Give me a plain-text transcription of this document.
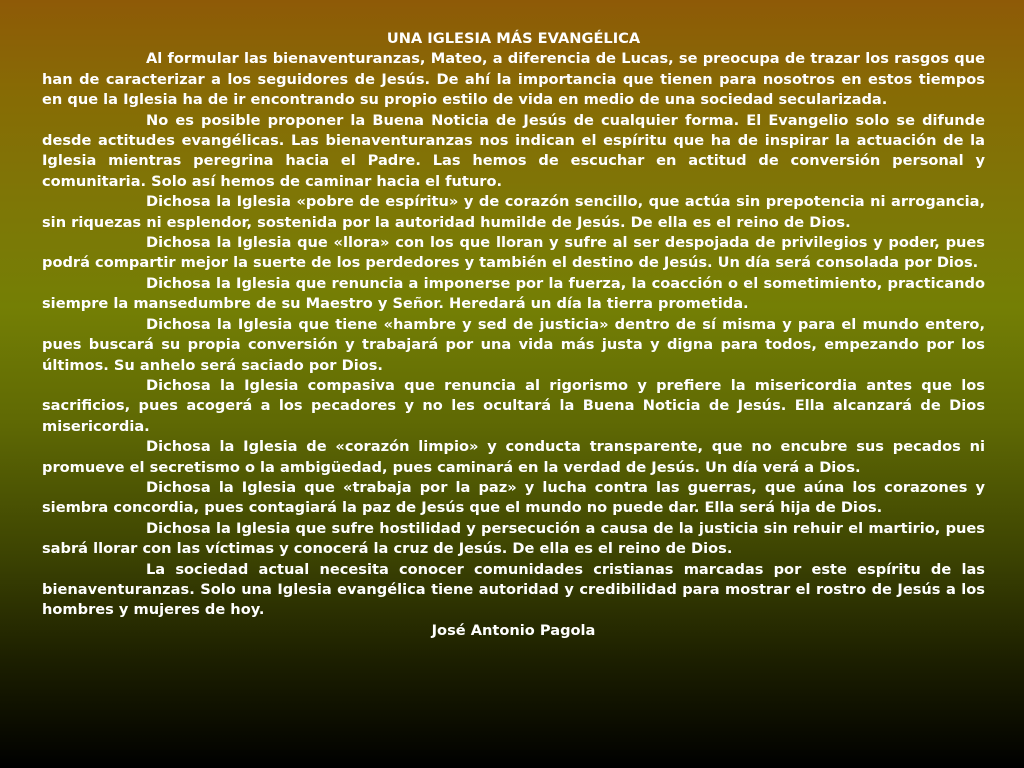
UNA IGLESIA MÁS EVANGÉLICA

Al formular las bienaventuranzas, Mateo, a diferencia de Lucas, se preocupa de trazar los rasgos que han de caracterizar a los seguidores de Jesús. De ahí la importancia que tienen para nosotros en estos tiempos en que la Iglesia ha de ir encontrando su propio estilo de vida en medio de una sociedad secularizada.

No es posible proponer la Buena Noticia de Jesús de cualquier forma. El Evangelio solo se difunde desde actitudes evangélicas. Las bienaventuranzas nos indican el espíritu que ha de inspirar la actuación de la Iglesia mientras peregrina hacia el Padre. Las hemos de escuchar en actitud de conversión personal y comunitaria. Solo así hemos de caminar hacia el futuro.

Dichosa la Iglesia «pobre de espíritu» y de corazón sencillo, que actúa sin prepotencia ni arrogancia, sin riquezas ni esplendor, sostenida por la autoridad humilde de Jesús. De ella es el reino de Dios.

Dichosa la Iglesia que «llora» con los que lloran y sufre al ser despojada de privilegios y poder, pues podrá compartir mejor la suerte de los perdedores y también el destino de Jesús. Un día será consolada por Dios.

Dichosa la Iglesia que renuncia a imponerse por la fuerza, la coacción o el sometimiento, practicando siempre la mansedumbre de su Maestro y Señor. Heredará un día la tierra prometida.

Dichosa la Iglesia que tiene «hambre y sed de justicia» dentro de sí misma y para el mundo entero, pues buscará su propia conversión y trabajará por una vida más justa y digna para todos, empezando por los últimos. Su anhelo será saciado por Dios.

Dichosa la Iglesia compasiva que renuncia al rigorismo y prefiere la misericordia antes que los sacrificios, pues acogerá a los pecadores y no les ocultará la Buena Noticia de Jesús. Ella alcanzará de Dios misericordia.

Dichosa la Iglesia de «corazón limpio» y conducta transparente, que no encubre sus pecados ni promueve el secretismo o la ambigüedad, pues caminará en la verdad de Jesús. Un día verá a Dios.

Dichosa la Iglesia que «trabaja por la paz» y lucha contra las guerras, que aúna los corazones y siembra concordia, pues contagiará la paz de Jesús que el mundo no puede dar. Ella será hija de Dios.

Dichosa la Iglesia que sufre hostilidad y persecución a causa de la justicia sin rehuir el martirio, pues sabrá llorar con las víctimas y conocerá la cruz de Jesús. De ella es el reino de Dios.

La sociedad actual necesita conocer comunidades cristianas marcadas por este espíritu de las bienaventuranzas. Solo una Iglesia evangélica tiene autoridad y credibilidad para mostrar el rostro de Jesús a los hombres y mujeres de hoy.

José Antonio Pagola
